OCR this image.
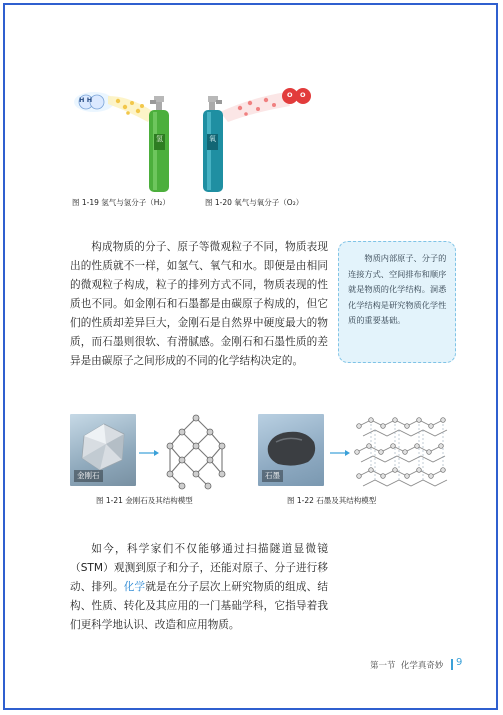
H H
氢
图 1-19 氢气与氢分子（H₂）
O O
氧
图 1-20 氧气与氧分子（O₂）

构成物质的分子、原子等微观粒子不同，物质表现出的性质就不一样，如氢气、氧气和水。即便是由相同的微观粒子构成，粒子的排列方式不同，物质表现的性质也不同。如金刚石和石墨都是由碳原子构成的，但它们的性质却差异巨大，金刚石是自然界中硬度最大的物质，而石墨则很软、有滑腻感。金刚石和石墨性质的差异是由碳原子之间形成的不同的化学结构决定的。

物质内部原子、分子的连接方式、空间排布和顺序就是物质的化学结构。洞悉化学结构是研究物质化学性质的重要基础。
金刚石
图 1-21 金刚石及其结构模型
石墨
图 1-22 石墨及其结构模型

如今，科学家们不仅能够通过扫描隧道显微镜（STM）观测到原子和分子，还能对原子、分子进行移动、排列。化学就是在分子层次上研究物质的组成、结构、性质、转化及其应用的一门基础学科，它指导着我们更科学地认识、改造和应用物质。

第一节  化学真奇妙 9
